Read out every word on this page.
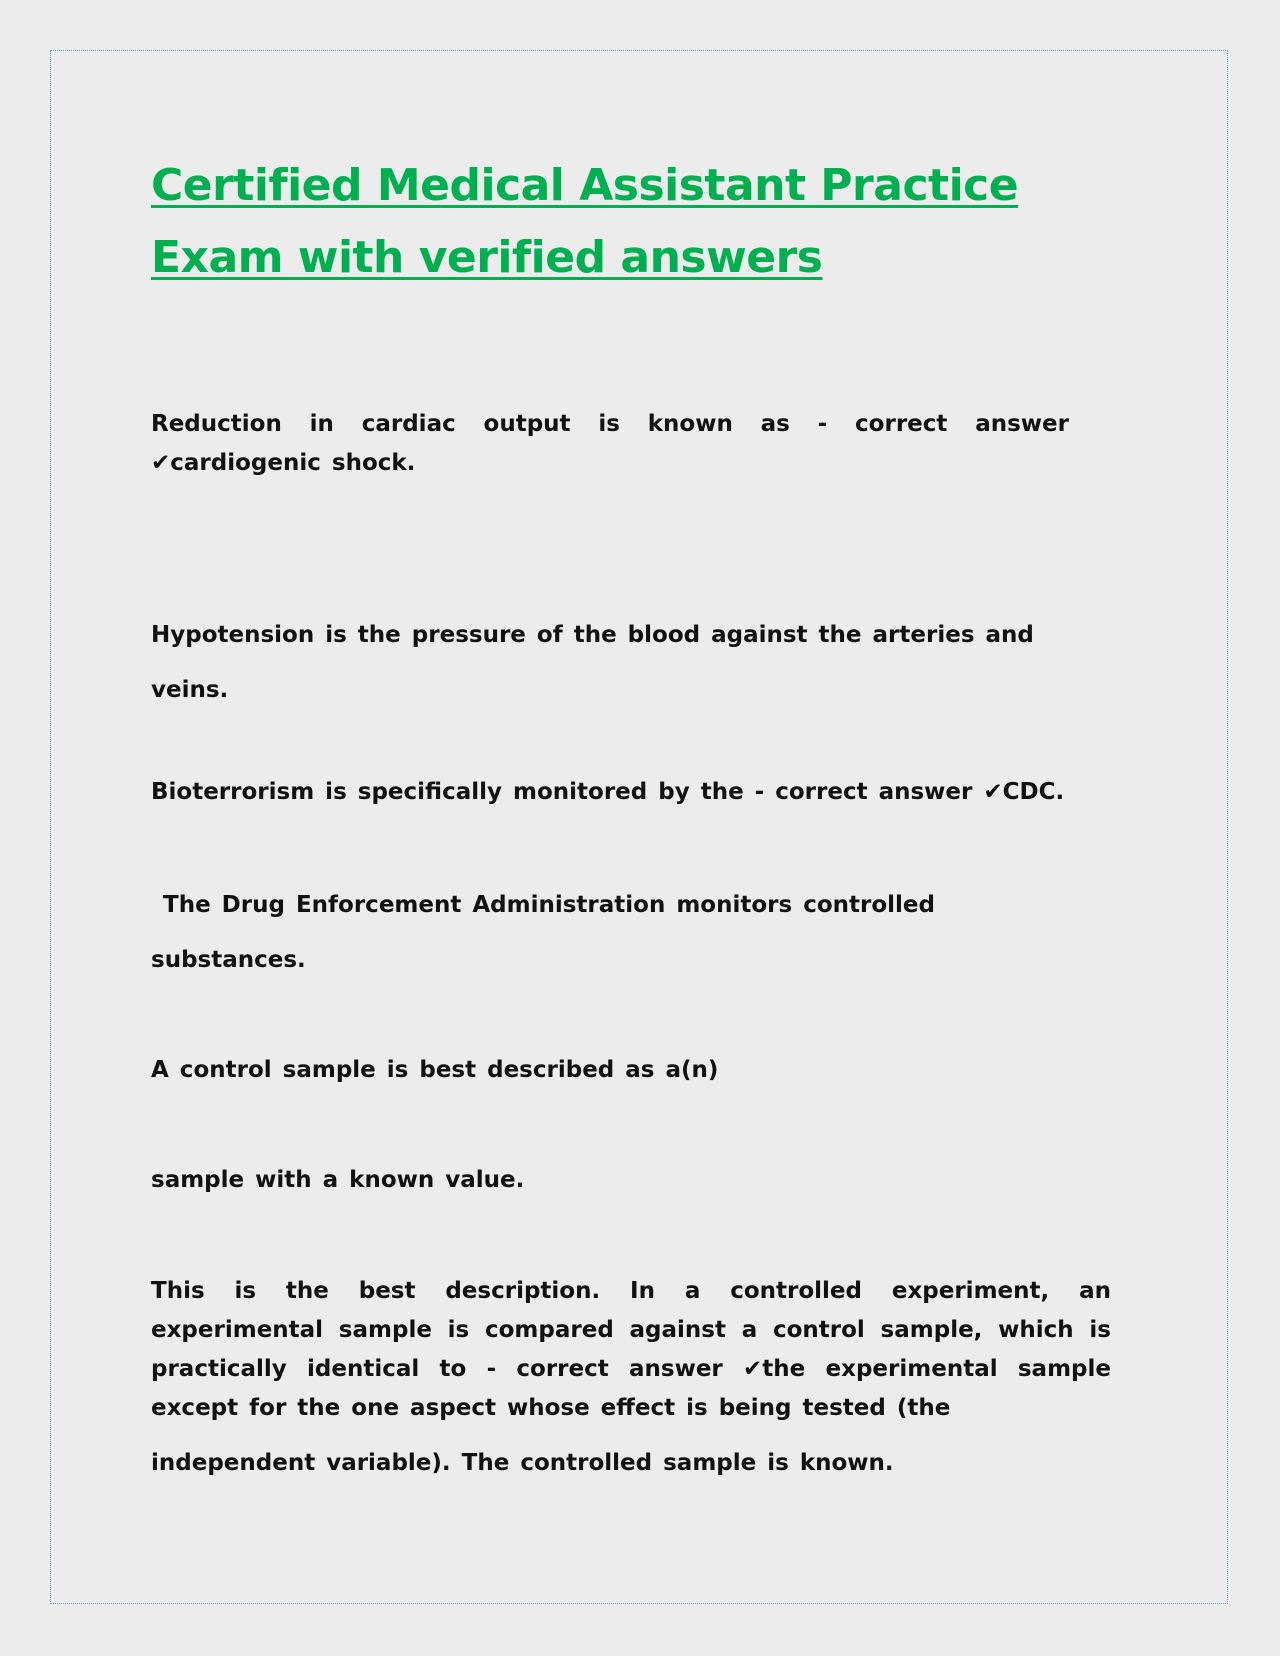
Certified Medical Assistant Practice Exam with verified answers

Reduction in cardiac output is known as - correct answer ✔cardiogenic shock.

Hypotension is the pressure of the blood against the arteries and

veins.

Bioterrorism is specifically monitored by the - correct answer ✔CDC.

The Drug Enforcement Administration monitors controlled

substances.

A control sample is best described as a(n)

sample with a known value.

This is the best description. In a controlled experiment, an experimental sample is compared against a control sample, which is practically identical to - correct answer ✔the experimental sample except for the one aspect whose effect is being tested (the

independent variable). The controlled sample is known.
